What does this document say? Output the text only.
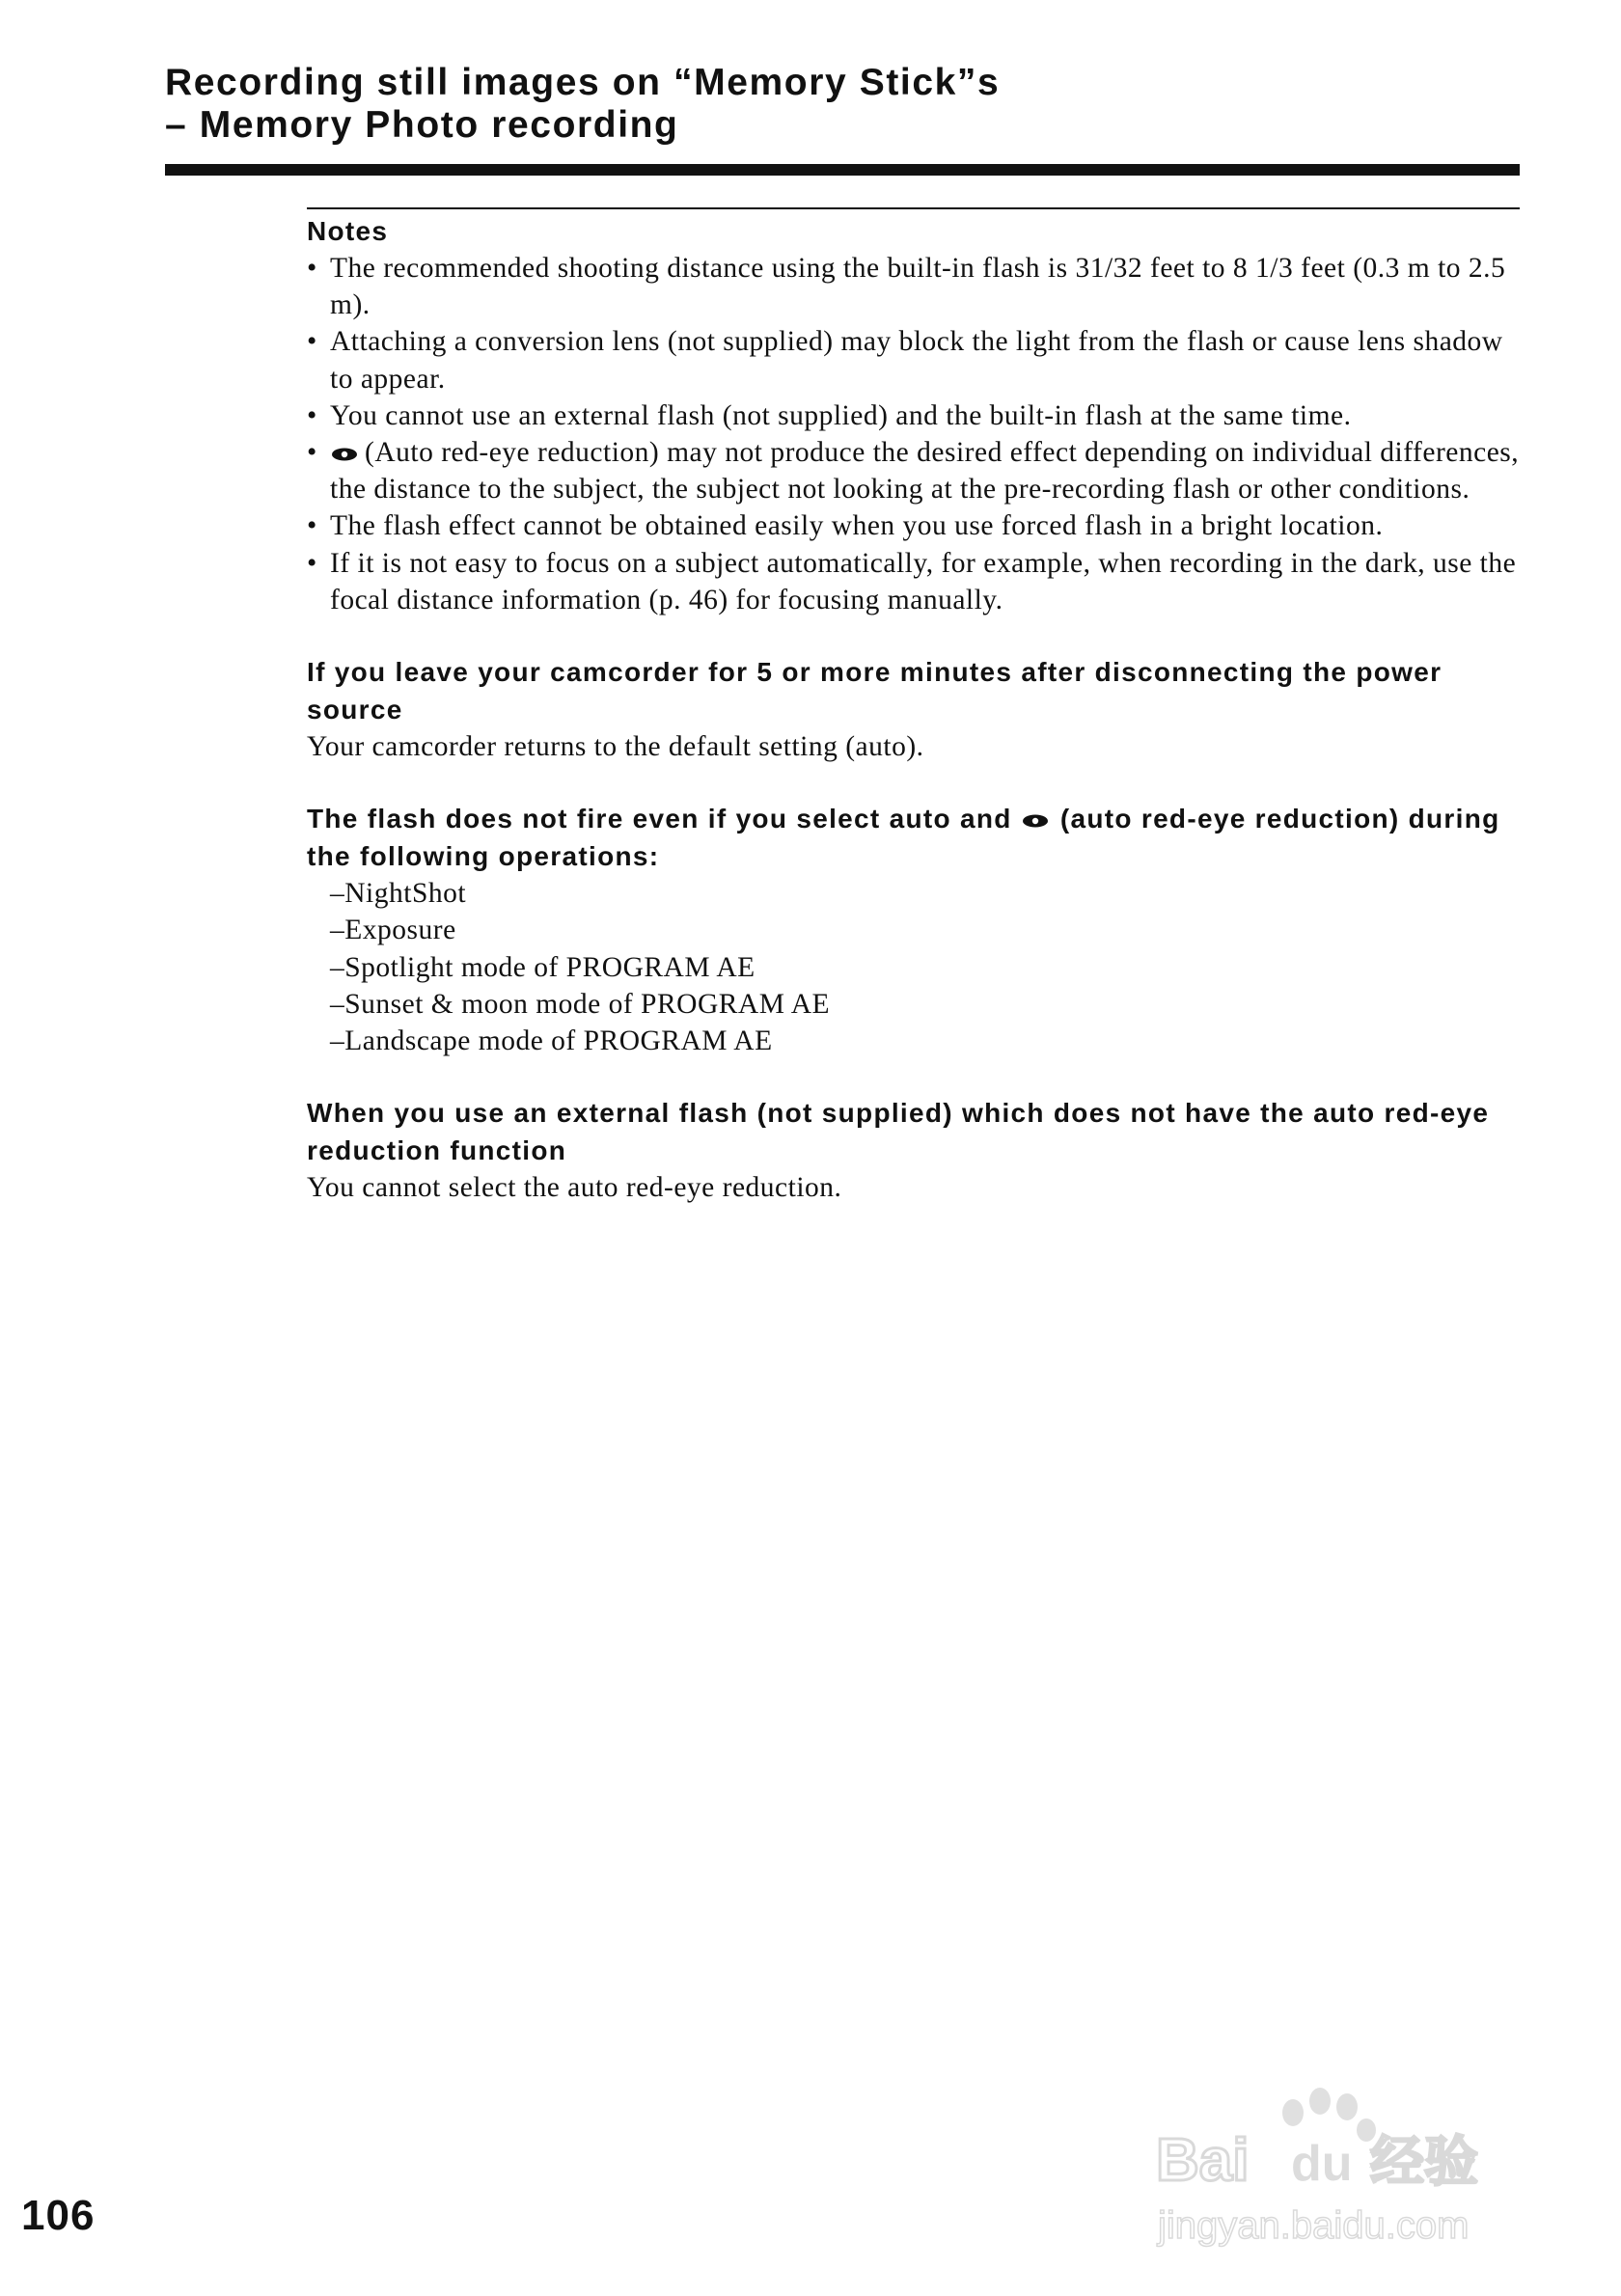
Recording still images on “Memory Stick”s
– Memory Photo recording
Notes
• The recommended shooting distance using the built-in flash is 31/32 feet to 8 1/3 feet (0.3 m to 2.5 m).
• Attaching a conversion lens (not supplied) may block the light from the flash or cause lens shadow to appear.
• You cannot use an external flash (not supplied) and the built-in flash at the same time.
• (Auto red-eye reduction) may not produce the desired effect depending on individual differences, the distance to the subject, the subject not looking at the pre-recording flash or other conditions.
• The flash effect cannot be obtained easily when you use forced flash in a bright location.
• If it is not easy to focus on a subject automatically, for example, when recording in the dark, use the focal distance information (p. 46) for focusing manually.
If you leave your camcorder for 5 or more minutes after disconnecting the power source

Your camcorder returns to the default setting (auto).

The flash does not fire even if you select auto and (auto red-eye reduction) during the following operations:
– NightShot
– Exposure
– Spotlight mode of PROGRAM AE
– Sunset & moon mode of PROGRAM AE
– Landscape mode of PROGRAM AE
When you use an external flash (not supplied) which does not have the auto red-eye reduction function

You cannot select the auto red-eye reduction.

106
Bai du 经验
jingyan.baidu.com
